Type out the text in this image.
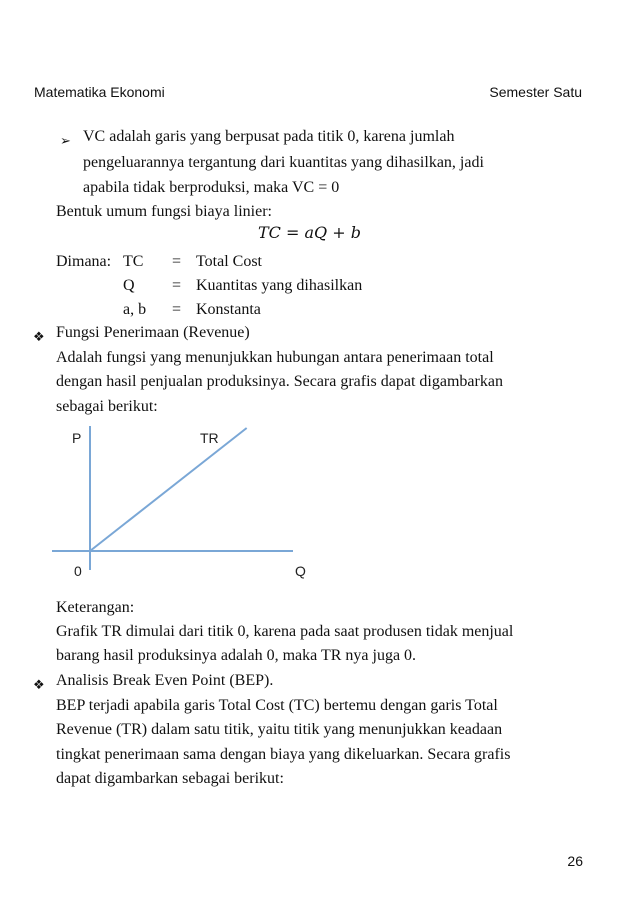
Matematika Ekonomi	Semester Satu
➢ VC adalah garis yang berpusat pada titik 0, karena jumlah
pengeluarannya tergantung dari kuantitas yang dihasilkan, jadi
apabila tidak berproduksi, maka VC = 0
Bentuk umum fungsi biaya linier:
TC = aQ + b
Dimana: TC = Total Cost
Q = Kuantitas yang dihasilkan
a, b = Konstanta
❖ Fungsi Penerimaan (Revenue)
Adalah fungsi yang menunjukkan hubungan antara penerimaan total
dengan hasil penjualan produksinya. Secara grafis dapat digambarkan
sebagai berikut:
P	TR
0	Q
Keterangan:
Grafik TR dimulai dari titik 0, karena pada saat produsen tidak menjual
barang hasil produksinya adalah 0, maka TR nya juga 0.
❖ Analisis Break Even Point (BEP).
BEP terjadi apabila garis Total Cost (TC) bertemu dengan garis Total
Revenue (TR) dalam satu titik, yaitu titik yang menunjukkan keadaan
tingkat penerimaan sama dengan biaya yang dikeluarkan. Secara grafis
dapat digambarkan sebagai berikut:
26
